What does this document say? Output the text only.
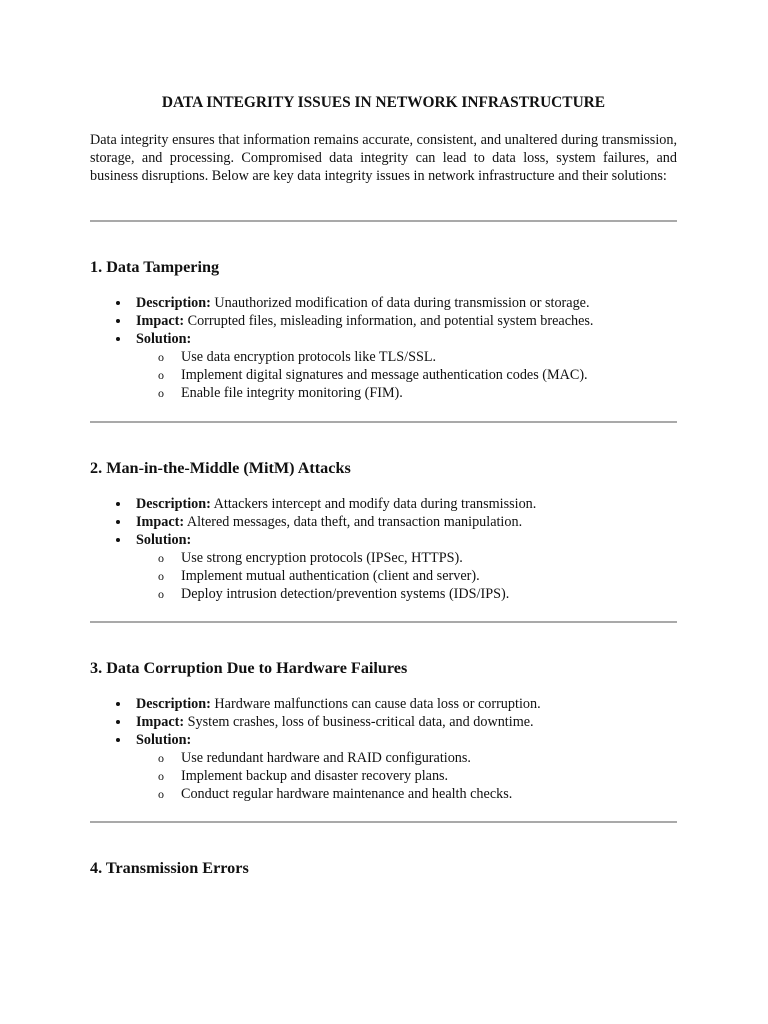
DATA INTEGRITY ISSUES IN NETWORK INFRASTRUCTURE

Data integrity ensures that information remains accurate, consistent, and unaltered during transmission, storage, and processing. Compromised data integrity can lead to data loss, system failures, and business disruptions. Below are key data integrity issues in network infrastructure and their solutions:

1. Data Tampering
Description: Unauthorized modification of data during transmission or storage.
Impact: Corrupted files, misleading information, and potential system breaches.
Solution:
o Use data encryption protocols like TLS/SSL.
o Implement digital signatures and message authentication codes (MAC).
o Enable file integrity monitoring (FIM).
2. Man-in-the-Middle (MitM) Attacks
Description: Attackers intercept and modify data during transmission.
Impact: Altered messages, data theft, and transaction manipulation.
Solution:
o Use strong encryption protocols (IPSec, HTTPS).
o Implement mutual authentication (client and server).
o Deploy intrusion detection/prevention systems (IDS/IPS).
3. Data Corruption Due to Hardware Failures
Description: Hardware malfunctions can cause data loss or corruption.
Impact: System crashes, loss of business-critical data, and downtime.
Solution:
o Use redundant hardware and RAID configurations.
o Implement backup and disaster recovery plans.
o Conduct regular hardware maintenance and health checks.
4. Transmission Errors
